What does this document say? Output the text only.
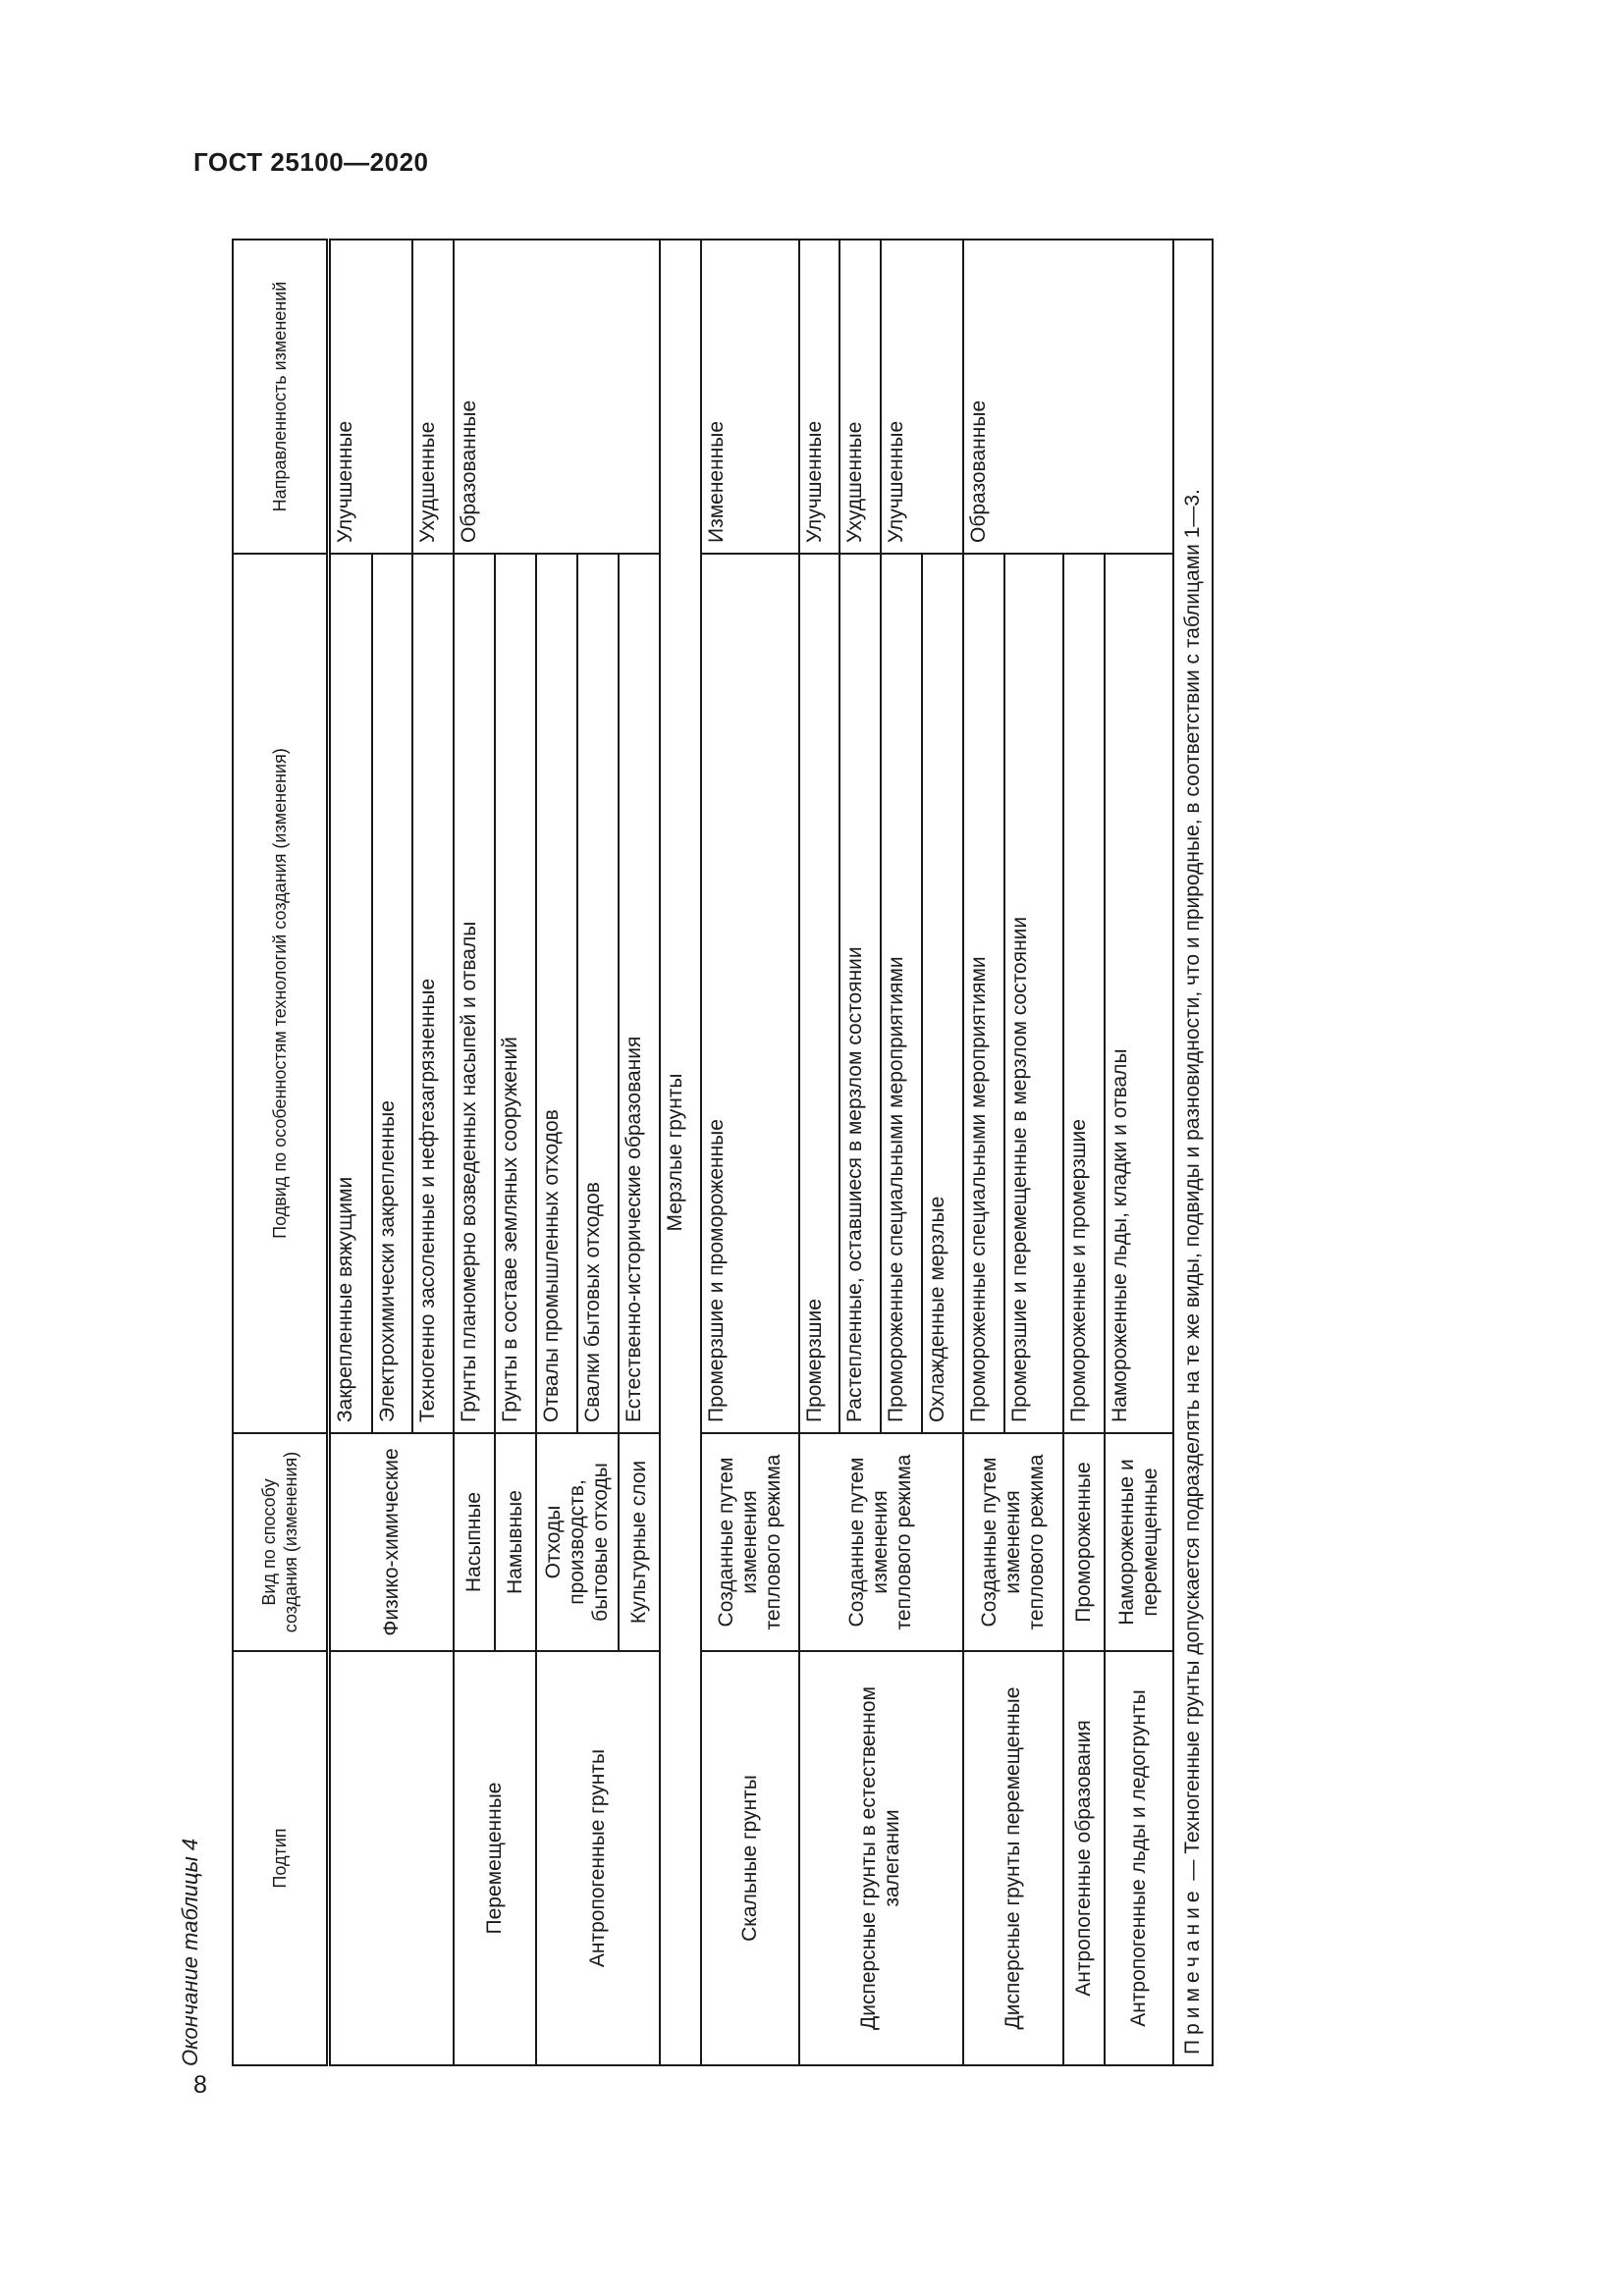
ГОСТ 25100—2020
Окончание таблицы 4	Подтип	Вид по способу создания (изменения)	Подвид по особенностям технологий создания (изменения)	Направленность изменений
	Физико-химические	Закрепленные вяжущими	Улучшенные
		Электрохимически закрепленные	
		Техногенно засоленные и нефтезагрязненные	Ухудшенные
Перемещенные	Насыпные	Грунты планомерно возведенных насыпей и отвалы	Образованные
	Намывные	Грунты в составе земляных сооружений	
Антропогенные грунты	Отходы производств, бытовые отходы	Отвалы промышленных отходов	
		Свалки бытовых отходов	
	Культурные слои	Естественно-исторические образования	
Мерзлые грунты			
Скальные грунты	Созданные путем изменения теплового режима	Промерзшие и промороженные	Измененные
Дисперсные грунты в естественном залегании	Созданные путем изменения теплового режима	Промерзшие	Улучшенные
		Растепленные, оставшиеся в мерзлом состоянии	Ухудшенные
		Промороженные специальными мероприятиями	Улучшенные
		Охлажденные мерзлые	
Дисперсные грунты перемещенные	Созданные путем изменения теплового режима	Промороженные специальными мероприятиями	Образованные
		Промерзшие и перемещенные в мерзлом состоянии	
Антропогенные образования	Промороженные	Промороженные и промерзшие	
Антропогенные льды и ледогрунты	Намороженные и перемещенные	Намороженные льды, кладки и отвалы	
Примечание — Техногенные грунты допускается подразделять на те же виды, подвиды и разновидности, что и природные, в соответствии с таблицами 1—3.			
8
